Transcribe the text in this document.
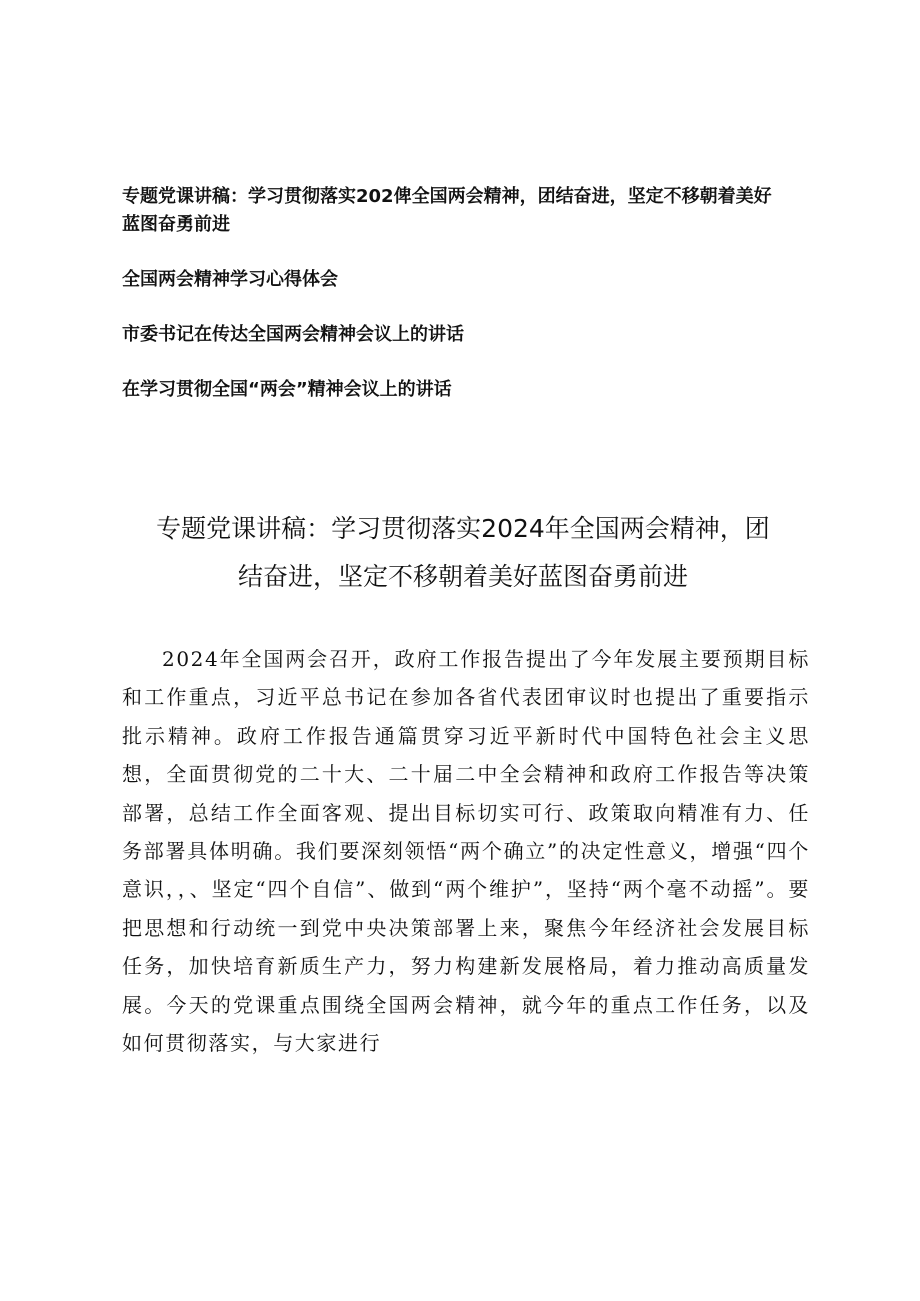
专题党课讲稿：学习贯彻落实202俾全国两会精神，团结奋进，坚定不移朝着美好
蓝图奋勇前进
全国两会精神学习心得体会
市委书记在传达全国两会精神会议上的讲话
在学习贯彻全国“两会”精神会议上的讲话
专题党课讲稿：学习贯彻落实2024年全国两会精神，团
结奋进，坚定不移朝着美好蓝图奋勇前进
2024年全国两会召开，政府工作报告提出了今年发展主要预期目标和工作重点，习近平总书记在参加各省代表团审议时也提出了重要指示批示精神。政府工作报告通篇贯穿习近平新时代中国特色社会主义思想，全面贯彻党的二十大、二十届二中全会精神和政府工作报告等决策部署，总结工作全面客观、提出目标切实可行、政策取向精准有力、任务部署具体明确。我们要深刻领悟“两个确立”的决定性意义，增强“四个意识，，、坚定“四个自信”、做到“两个维护”，坚持“两个毫不动摇”。要把思想和行动统一到党中央决策部署上来，聚焦今年经济社会发展目标任务，加快培育新质生产力，努力构建新发展格局，着力推动高质量发展。今天的党课重点围绕全国两会精神，就今年的重点工作任务，以及如何贯彻落实，与大家进行
